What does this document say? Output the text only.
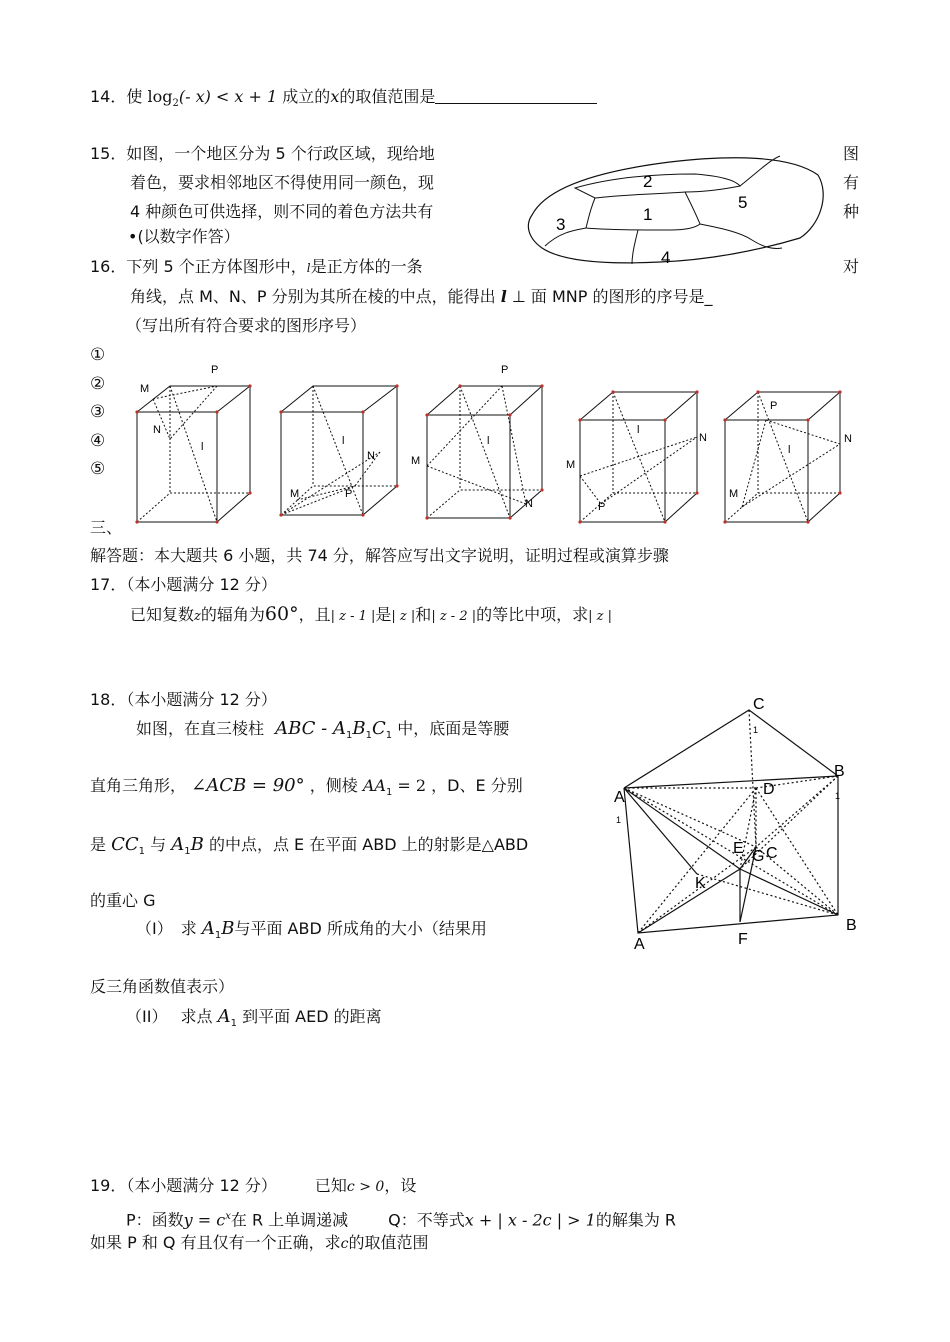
14．使 $\log_2(-$ x) < x + 1 成立的x的取值范围是
15．如图，一个地区分为 5 个行政区域，现给地	图
着色，要求相邻地区不得使用同一颜色，现	有
4 种颜色可供选择，则不同的着色方法共有	种
•(以数字作答）
2
1
5
3
4
16．下列 5 个正方体图形中，l是正方体的一条	对
角线，点 M、N、P 分别为其所在棱的中点，能得出 l ⊥ 面 MNP 的图形的序号是_
（写出所有符合要求的图形序号）
①
②
③
④
⑤
M
N
P
l	l
N
M	P
P
l
M
N
l
N
M
P
P
l
N
M
三、
解答题：本大题共 6 小题，共 74 分，解答应写出文字说明，证明过程或演算步骤
17．（本小题满分 12 分）
已知复数z的辐角为60°，且| z - 1 |是| z |和| z - 2 |的等比中项，求| z |
18．（本小题满分 12 分）
如图，在直三棱柱 ABC - $A_1B_1C_1$ 中，底面是等腰
直角三角形， ∠ACB = 90° ，侧棱 $AA_1 = 2$ ，D、E 分别
是 $CC_1$ 与 $A_1B$ 的中点，点 E 在平面 ABD 上的射影是△ABD
的重心 G
（I）　求 $A_1B$与平面 ABD 所成角的大小（结果用
反三角函数值表示）
（II）　 求点 $A_1$ 到平面 AED 的距离
C
1
B
1
A
1
D
E G C
K
A	F
B
19．（本小题满分 12 分） 已知c > 0，设
P：函数$y = c^x$在 R 上单调递减	Q：不等式x + | x - 2c | > 1的解集为 R
如果 P 和 Q 有且仅有一个正确，求c的取值范围
